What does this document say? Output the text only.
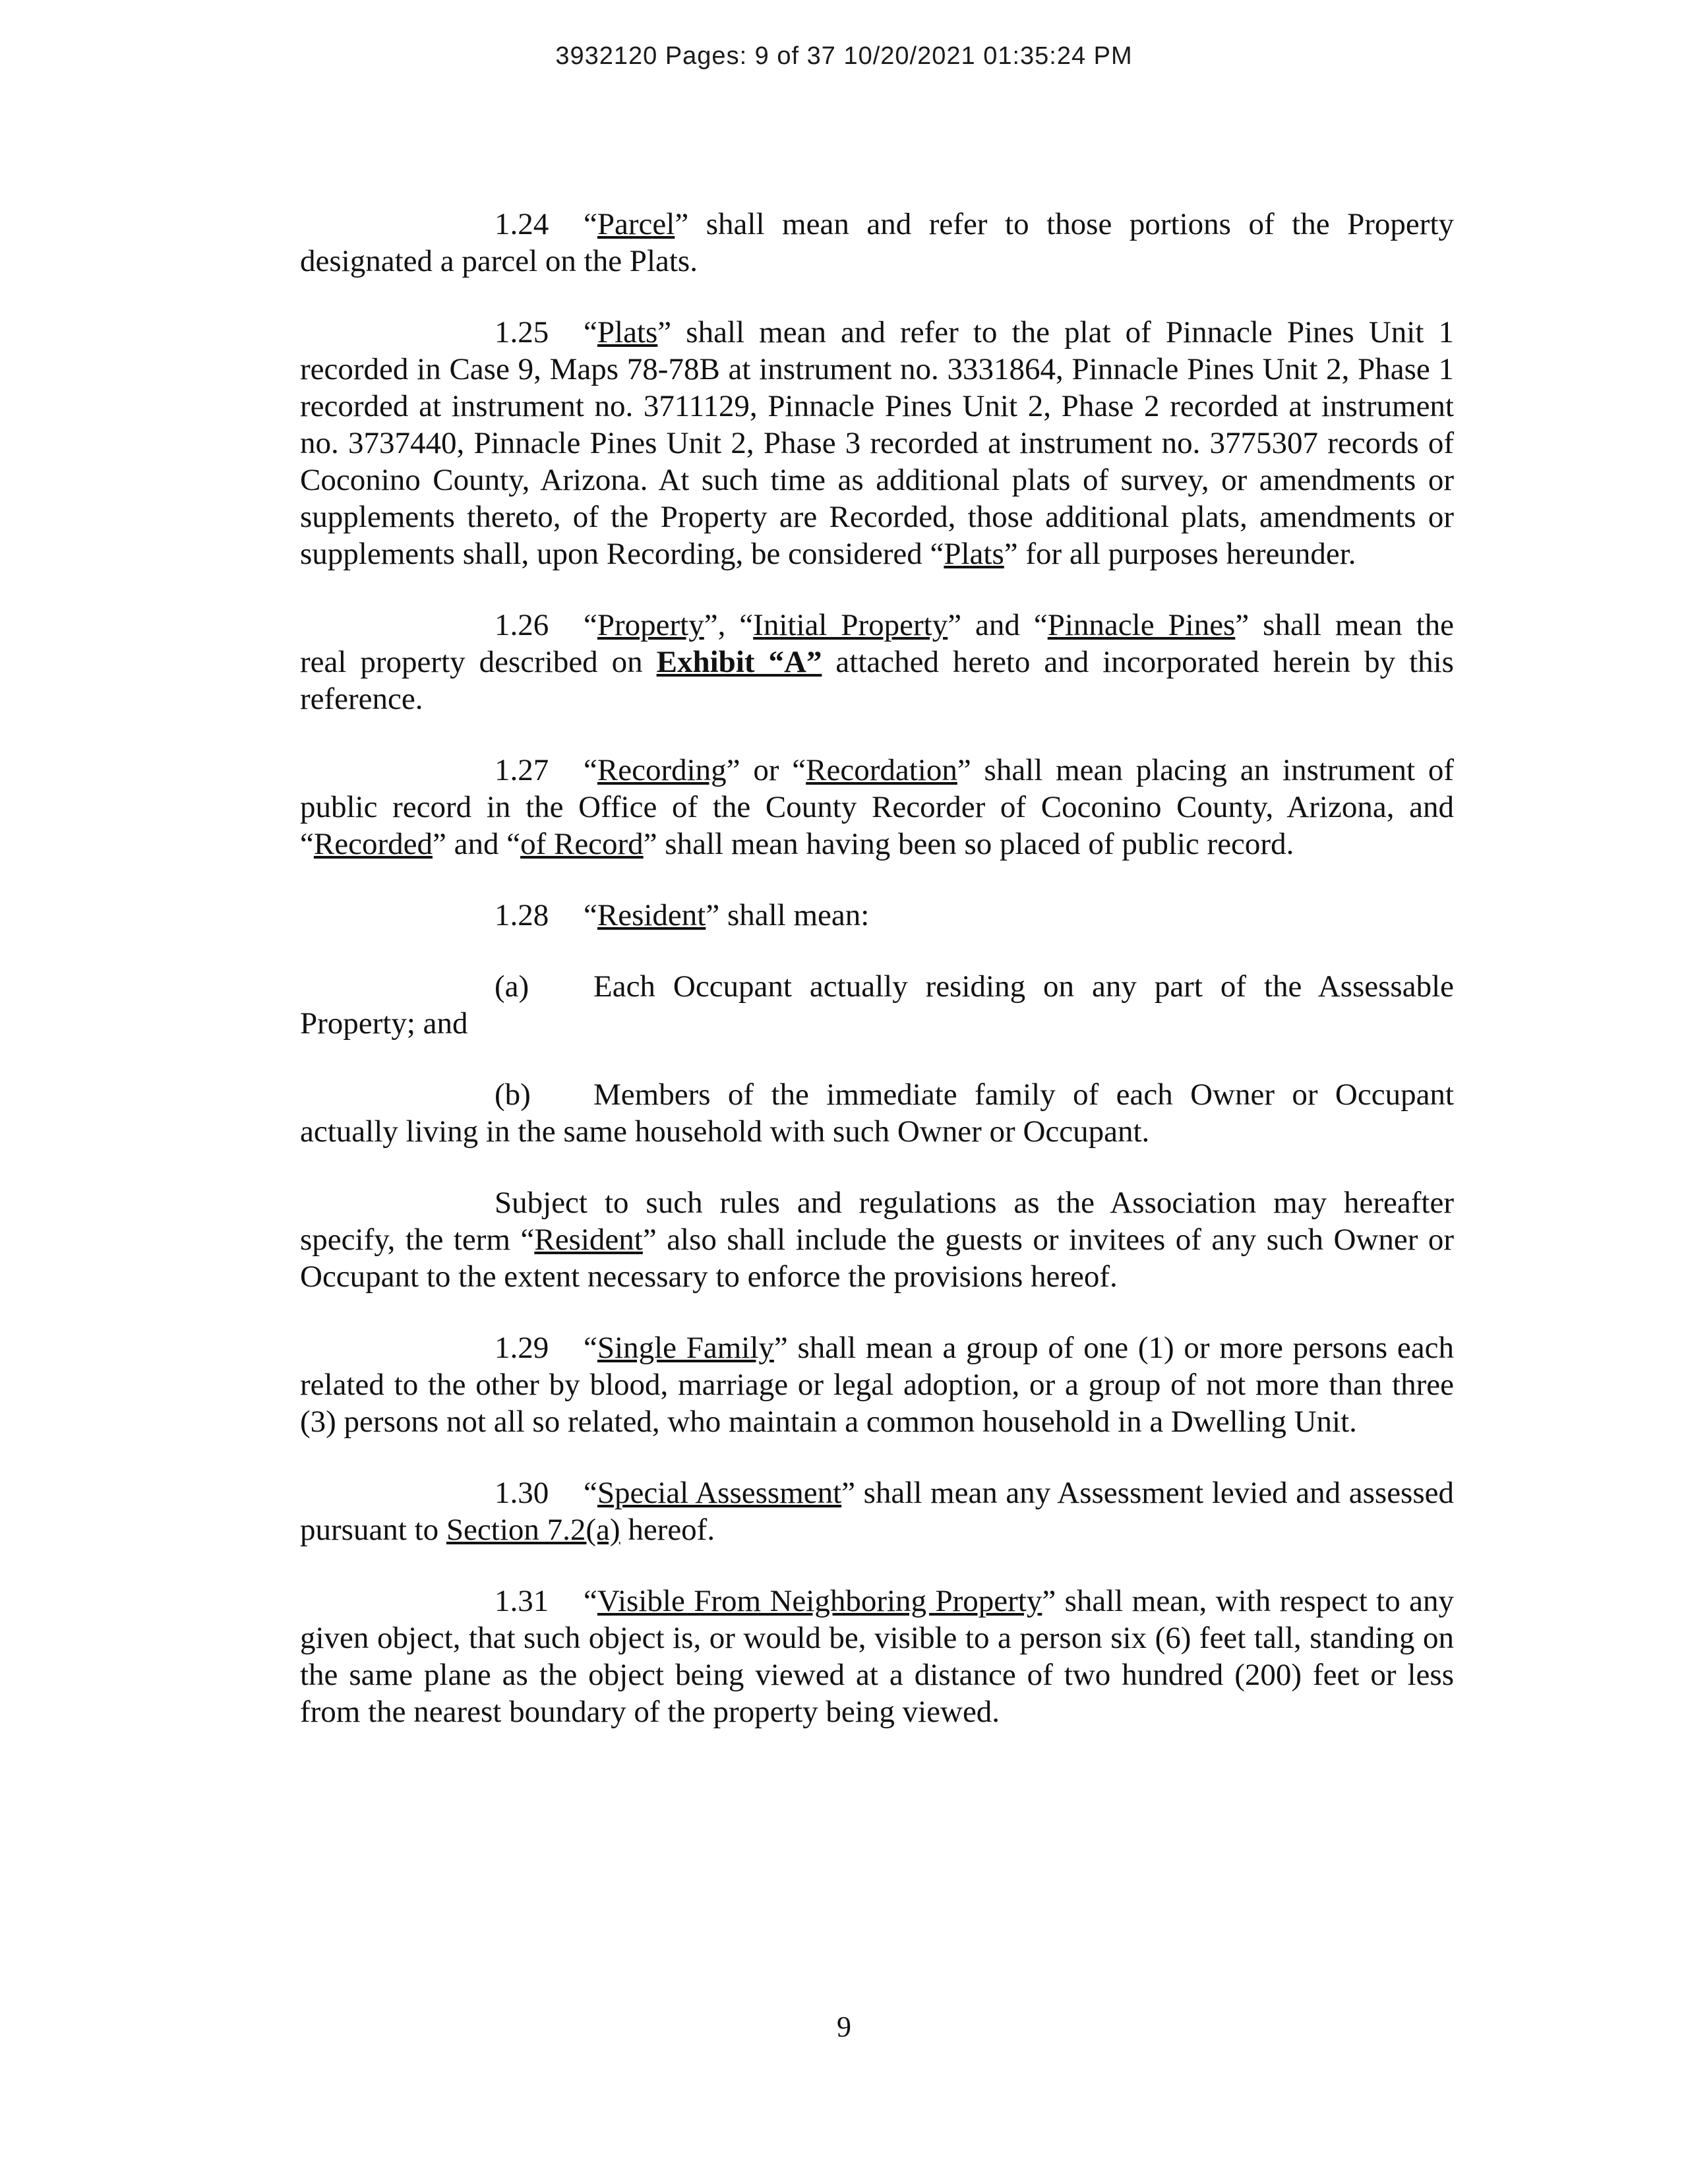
3932120 Pages: 9 of 37 10/20/2021 01:35:24 PM

1.24 “Parcel” shall mean and refer to those portions of the Property designated a parcel on the Plats.

1.25 “Plats” shall mean and refer to the plat of Pinnacle Pines Unit 1 recorded in Case 9, Maps 78-78B at instrument no. 3331864, Pinnacle Pines Unit 2, Phase 1 recorded at instrument no. 3711129, Pinnacle Pines Unit 2, Phase 2 recorded at instrument no. 3737440, Pinnacle Pines Unit 2, Phase 3 recorded at instrument no. 3775307 records of Coconino County, Arizona. At such time as additional plats of survey, or amendments or supplements thereto, of the Property are Recorded, those additional plats, amendments or supplements shall, upon Recording, be considered “Plats” for all purposes hereunder.

1.26 “Property”, “Initial Property” and “Pinnacle Pines” shall mean the real property described on Exhibit “A” attached hereto and incorporated herein by this reference.

1.27 “Recording” or “Recordation” shall mean placing an instrument of public record in the Office of the County Recorder of Coconino County, Arizona, and “Recorded” and “of Record” shall mean having been so placed of public record.

1.28 “Resident” shall mean:

(a) Each Occupant actually residing on any part of the Assessable Property; and

(b) Members of the immediate family of each Owner or Occupant actually living in the same household with such Owner or Occupant.

Subject to such rules and regulations as the Association may hereafter specify, the term “Resident” also shall include the guests or invitees of any such Owner or Occupant to the extent necessary to enforce the provisions hereof.

1.29 “Single Family” shall mean a group of one (1) or more persons each related to the other by blood, marriage or legal adoption, or a group of not more than three (3) persons not all so related, who maintain a common household in a Dwelling Unit.

1.30 “Special Assessment” shall mean any Assessment levied and assessed pursuant to Section 7.2(a) hereof.

1.31 “Visible From Neighboring Property” shall mean, with respect to any given object, that such object is, or would be, visible to a person six (6) feet tall, standing on the same plane as the object being viewed at a distance of two hundred (200) feet or less from the nearest boundary of the property being viewed.

9
